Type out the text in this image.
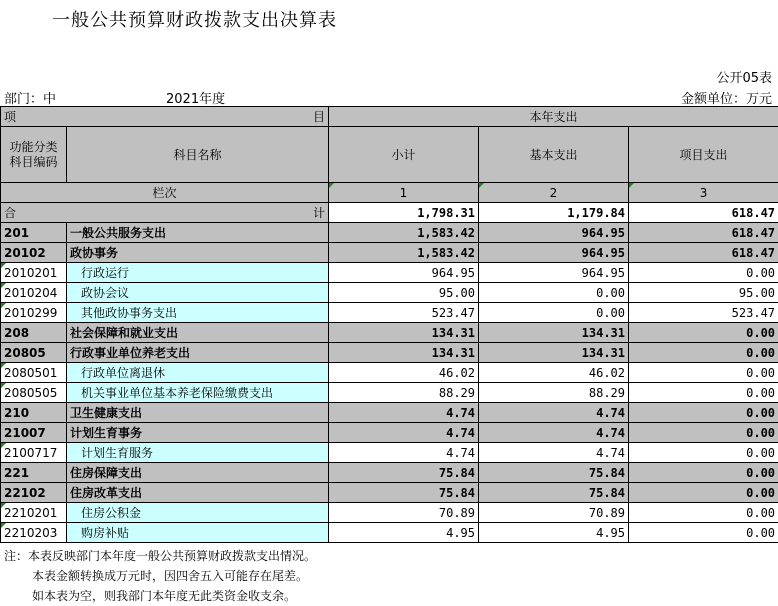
一般公共预算财政拨款支出决算表
公开05表
部门：中	2021年度	金额单位：万元
项 目		本年支出		

功能分类
科目编码	科目名称	小计	基本支出	项目支出
栏次		1	2	3
合 计		1,798.31	1,179.84	618.47
201	一般公共服务支出	1,583.42	964.95	618.47
20102	政协事务	1,583.42	964.95	618.47
2010201	行政运行	964.95	964.95	0.00
2010204	政协会议	95.00	0.00	95.00
2010299	其他政协事务支出	523.47	0.00	523.47
208	社会保障和就业支出	134.31	134.31	0.00
20805	行政事业单位养老支出	134.31	134.31	0.00
2080501	行政单位离退休	46.02	46.02	0.00
2080505	机关事业单位基本养老保险缴费支出	88.29	88.29	0.00
210	卫生健康支出	4.74	4.74	0.00
21007	计划生育事务	4.74	4.74	0.00
2100717	计划生育服务	4.74	4.74	0.00
221	住房保障支出	75.84	75.84	0.00
22102	住房改革支出	75.84	75.84	0.00
2210201	住房公积金	70.89	70.89	0.00
2210203	购房补贴	4.95	4.95	0.00
注：本表反映部门本年度一般公共预算财政拨款支出情况。
本表金额转换成万元时，因四舍五入可能存在尾差。
如本表为空，则我部门本年度无此类资金收支余。
